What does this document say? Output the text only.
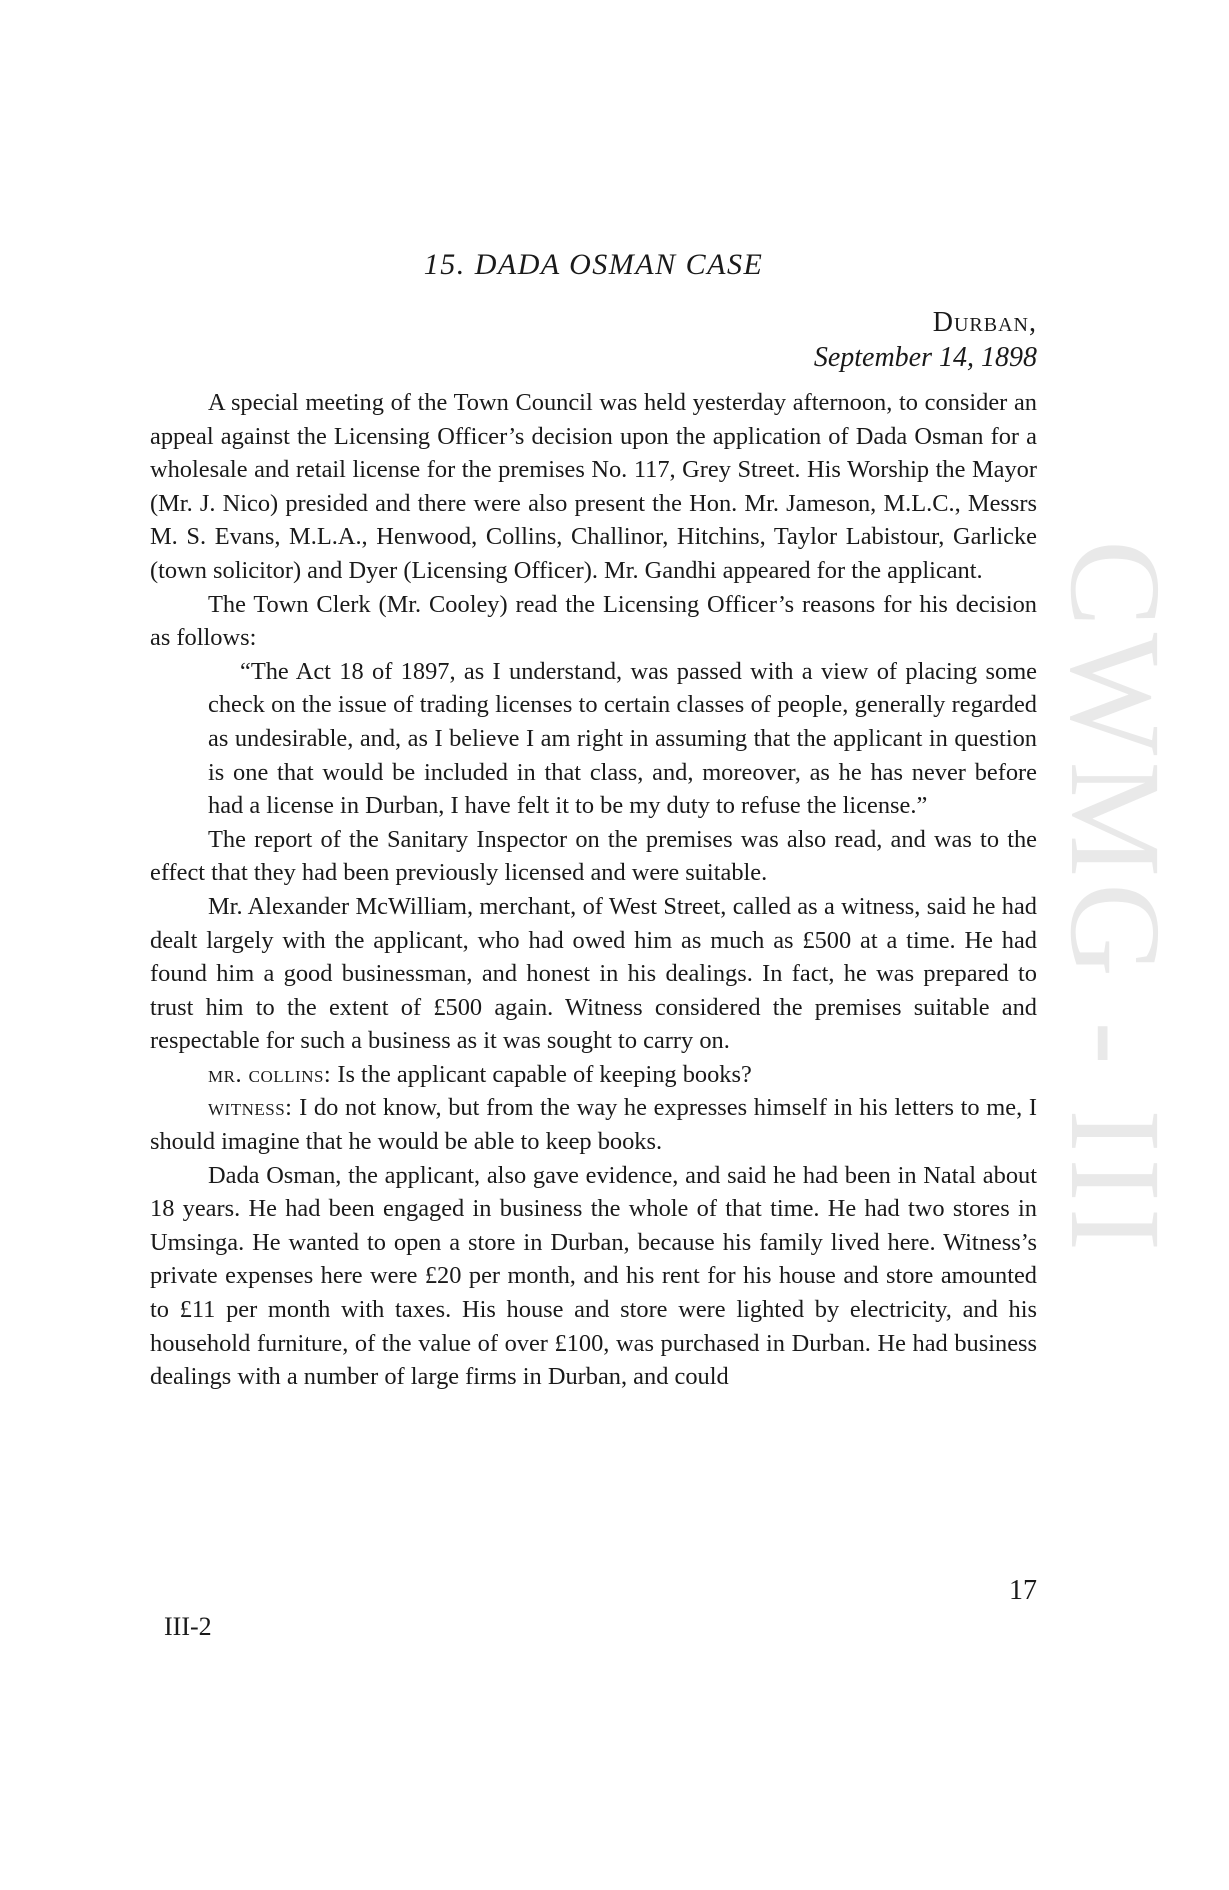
CWMG - III
15. DADA OSMAN CASE
Durban,
September 14, 1898

A special meeting of the Town Council was held yesterday afternoon, to consider an appeal against the Licensing Officer’s decision upon the application of Dada Osman for a wholesale and retail license for the premises No. 117, Grey Street. His Worship the Mayor (Mr. J. Nico) presided and there were also present the Hon. Mr. Jameson, M.L.C., Messrs M. S. Evans, M.L.A., Henwood, Collins, Challinor, Hitchins, Taylor Labistour, Garlicke (town solicitor) and Dyer (Licensing Officer). Mr. Gandhi appeared for the applicant.

The Town Clerk (Mr. Cooley) read the Licensing Officer’s reasons for his decision as follows:

“The Act 18 of 1897, as I understand, was passed with a view of placing some check on the issue of trading licenses to certain classes of people, generally regarded as undesirable, and, as I believe I am right in assuming that the applicant in question is one that would be included in that class, and, moreover, as he has never before had a license in Durban, I have felt it to be my duty to refuse the license.”

The report of the Sanitary Inspector on the premises was also read, and was to the effect that they had been previously licensed and were suitable.

Mr. Alexander McWilliam, merchant, of West Street, called as a witness, said he had dealt largely with the applicant, who had owed him as much as £500 at a time. He had found him a good businessman, and honest in his dealings. In fact, he was prepared to trust him to the extent of £500 again. Witness considered the premises suitable and respectable for such a business as it was sought to carry on.

mr. collins: Is the applicant capable of keeping books?

witness: I do not know, but from the way he expresses himself in his letters to me, I should imagine that he would be able to keep books.

Dada Osman, the applicant, also gave evidence, and said he had been in Natal about 18 years. He had been engaged in business the whole of that time. He had two stores in Umsinga. He wanted to open a store in Durban, because his family lived here. Witness’s private expenses here were £20 per month, and his rent for his house and store amounted to £11 per month with taxes. His house and store were lighted by electricity, and his household furniture, of the value of over £100, was purchased in Durban. He had business dealings with a number of large firms in Durban, and could

17
III-2
